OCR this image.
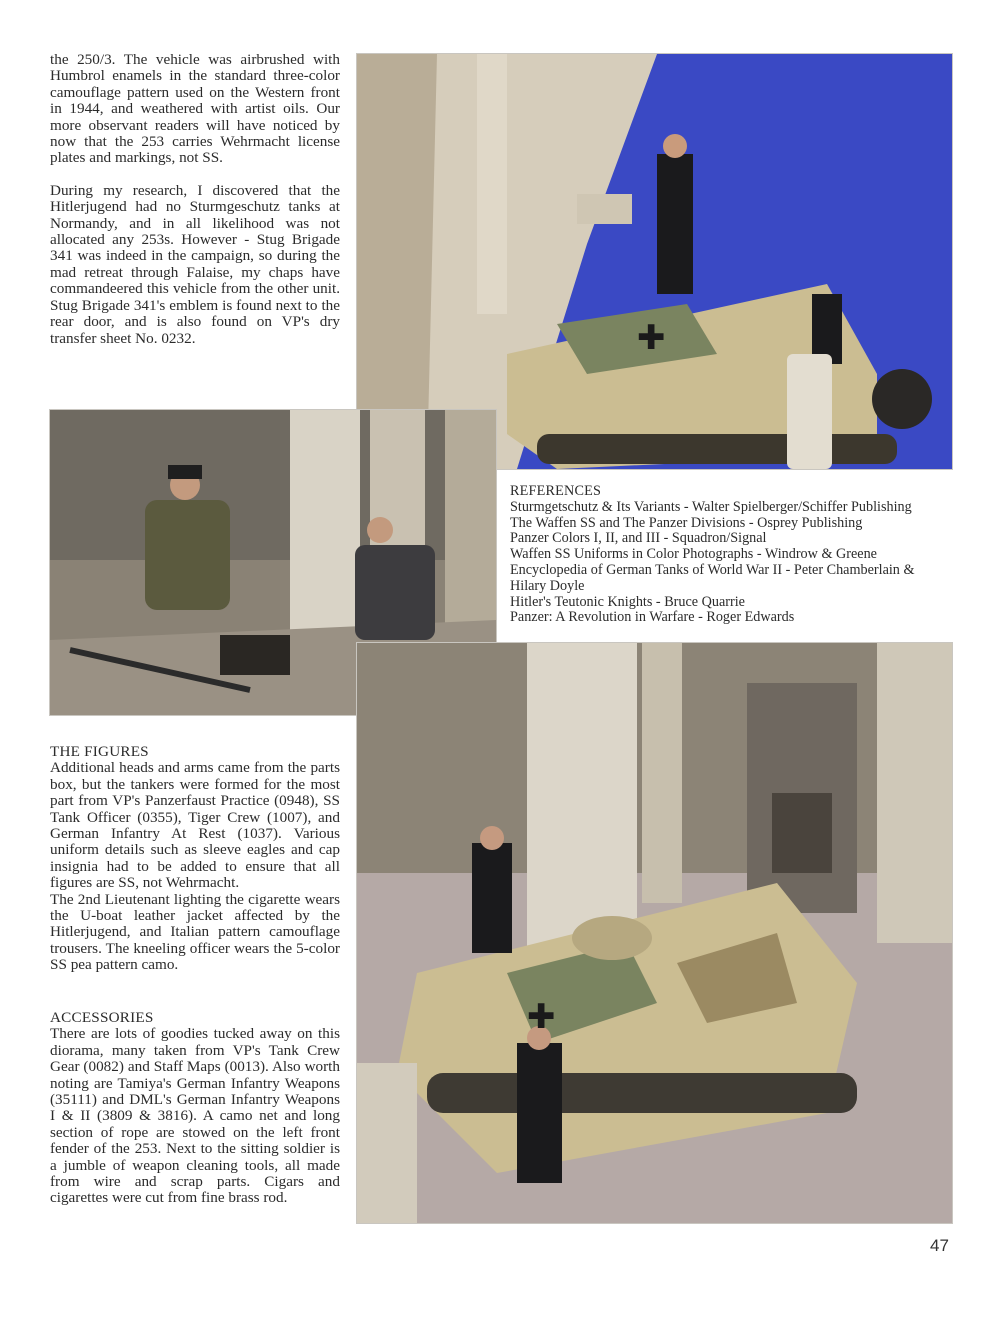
the 250/3. The vehicle was airbrushed with Humbrol enamels in the standard three-color camouflage pattern used on the Western front in 1944, and weathered with artist oils. Our more observant readers will have noticed by now that the 253 carries Wehrmacht license plates and markings, not SS.

During my research, I discovered that the Hitlerjugend had no Sturmgeschutz tanks at Normandy, and in all likelihood was not allocated any 253s. However - Stug Brigade 341 was indeed in the campaign, so during the mad retreat through Falaise, my chaps have commandeered this vehicle from the other unit. Stug Brigade 341's emblem is found next to the rear door, and is also found on VP's dry transfer sheet No. 0232.	✚
REFERENCES
Sturmgetschutz & Its Variants - Walter Spielberger/Schiffer Publishing
The Waffen SS and The Panzer Divisions - Osprey Publishing
Panzer Colors I, II, and III - Squadron/Signal
Waffen SS Uniforms in Color Photographs - Windrow & Greene
Encyclopedia of German Tanks of World War II - Peter Chamberlain &
Hilary Doyle
Hitler's Teutonic Knights - Bruce Quarrie
Panzer: A Revolution in Warfare - Roger Edwards
✚

THE FIGURES

Additional heads and arms came from the parts box, but the tankers were formed for the most part from VP's Panzerfaust Practice (0948), SS Tank Officer (0355), Tiger Crew (1007), and German Infantry At Rest (1037). Various uniform details such as sleeve eagles and cap insignia had to be added to ensure that all figures are SS, not Wehrmacht.

The 2nd Lieutenant lighting the cigarette wears the U-boat leather jacket affected by the Hitlerjugend, and Italian pattern camouflage trousers. The kneeling officer wears the 5-color SS pea pattern camo.

ACCESSORIES

There are lots of goodies tucked away on this diorama, many taken from VP's Tank Crew Gear (0082) and Staff Maps (0013). Also worth noting are Tamiya's German Infantry Weapons (35111) and DML's German Infantry Weapons I & II (3809 & 3816). A camo net and long section of rope are stowed on the left front fender of the 253. Next to the sitting soldier is a jumble of weapon cleaning tools, all made from wire and scrap parts. Cigars and cigarettes were cut from fine brass rod.

47
